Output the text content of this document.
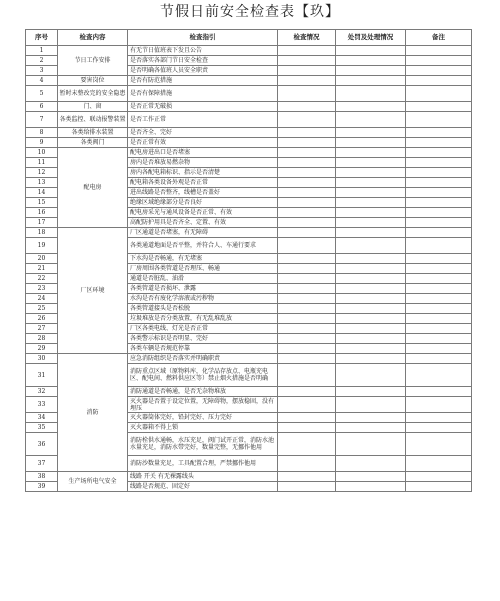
节假日前安全检查表【玖】
序号	检查内容	检查指引	检查情况	处罚及处理情况	备注
1	节日工作安排	有无节日值班表下发且公告			
2		是否落实各部门节日安全检查			
3		是否明确各值班人员安全职责			
4	要害岗位	是否有防范措施			
5	暂时未整改完的安全隐患	是否有保障措施			
6	门、窗	是否正常无破损			
7	各类监控、联动报警装置	是否工作正常			
8	各类给排水装置	是否齐全、完好			
9	各类阀门	是否正常有效			
10	配电房	配电房进出口是否堵塞			
11		房内是否堆放易燃杂物			
12		房内各配电箱标识、指示是否清楚			
13		配电箱各类设备外观是否正常			
14		进出线路是否整齐，线槽是否盖好			
15		绝缘区域绝缘部分是否良好			
16		配电房采光与通风设备是否正常、有效			
17		高配防护用具是否齐全、定置、有效			
18	厂区环境	厂区通道是否堵塞，有无障碍			
19		各类通道地面是否平整，并符合人、车通行要求			
20		下水沟是否畅通，有无堵塞			
21		厂房周围各类管道是否理压、畅通			
22		通道是否脏乱、油滑			
23		各类管道是否损坏、泄露			
24		水沟是否有废化学溶液或污秽物			
25		各类管道接头是否松脱			
26		垃圾堆放是否分类放置，有无乱堆乱放			
27		厂区各类电线、灯光是否正常			
28		各类警示标识是否明显、完好			
29		各类车辆是否规范停靠			
30	消防	应急消防组织是否落实并明确职责			
31		消防重点区域（原物料库，化学品存放点、电瓶充电区、配电间、燃料供应区等）禁止烟火措施是否明确			
32		消防通道是否畅通，是否无杂物堆放			
33		灭火器是否置于设定位置，无障碍物，摆放稳固，没有埋压			
34		灭火器筒体完好，铅封完好、压力完好			
35		灭火器箱不得上锁			
36		消防栓供水通畅，水压充足，阀门试开正常，消防水池水量充足，消防水带完好，数量完整，无挪作他用			
37		消防沙数量充足，工具配置合理，严禁挪作他用			
38	生产场所电气安全	线路 开关 有无裸露线头			
39		线路是否规范、固定好			
